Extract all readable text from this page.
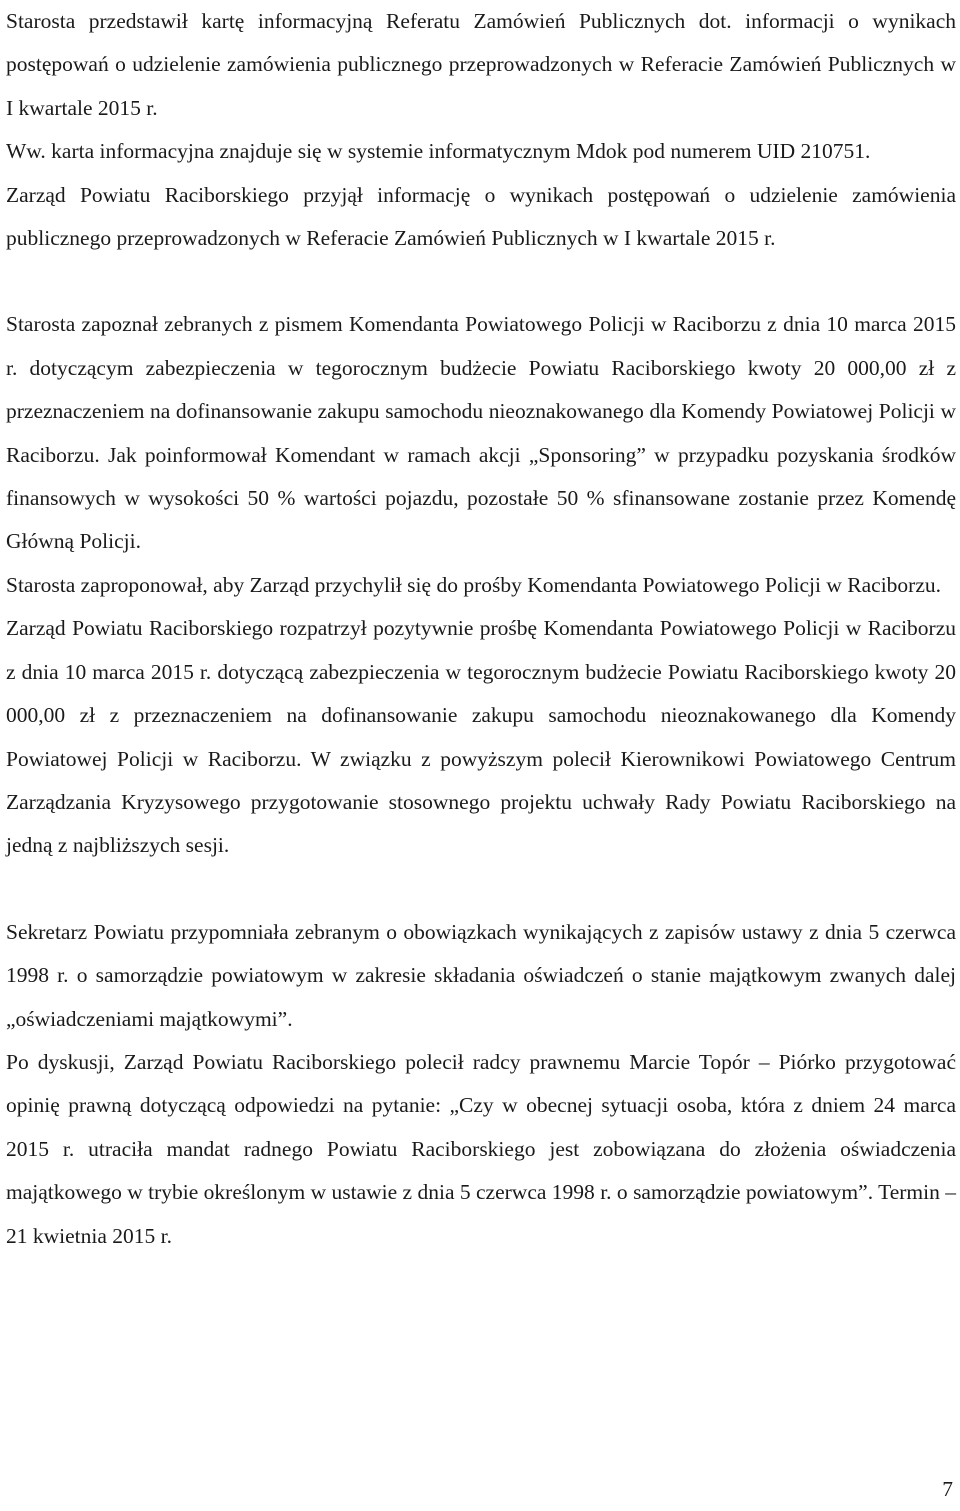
Starosta przedstawił kartę informacyjną Referatu Zamówień Publicznych dot. informacji o wynikach postępowań o udzielenie zamówienia publicznego przeprowadzonych w Referacie Zamówień Publicznych w I kwartale 2015 r.

Ww. karta informacyjna znajduje się w systemie informatycznym Mdok pod numerem UID 210751.

Zarząd Powiatu Raciborskiego przyjął informację o wynikach postępowań o udzielenie zamówienia publicznego przeprowadzonych w Referacie Zamówień Publicznych w I kwartale 2015 r.

Starosta zapoznał zebranych z pismem Komendanta Powiatowego Policji w Raciborzu z dnia 10 marca 2015 r. dotyczącym zabezpieczenia w tegorocznym budżecie Powiatu Raciborskiego kwoty 20 000,00 zł z przeznaczeniem na dofinansowanie zakupu samochodu nieoznakowanego dla Komendy Powiatowej Policji w Raciborzu. Jak poinformował Komendant w ramach akcji „Sponsoring” w przypadku pozyskania środków finansowych w wysokości 50 % wartości pojazdu, pozostałe 50 % sfinansowane zostanie przez Komendę Główną Policji.

Starosta zaproponował, aby Zarząd przychylił się do prośby Komendanta Powiatowego Policji w Raciborzu.

Zarząd Powiatu Raciborskiego rozpatrzył pozytywnie prośbę Komendanta Powiatowego Policji w Raciborzu z dnia 10 marca 2015 r. dotyczącą zabezpieczenia w tegorocznym budżecie Powiatu Raciborskiego kwoty 20 000,00 zł z przeznaczeniem na dofinansowanie zakupu samochodu nieoznakowanego dla Komendy Powiatowej Policji w Raciborzu. W związku z powyższym polecił Kierownikowi Powiatowego Centrum Zarządzania Kryzysowego przygotowanie stosownego projektu uchwały Rady Powiatu Raciborskiego na jedną z najbliższych sesji.

Sekretarz Powiatu przypomniała zebranym o obowiązkach wynikających z zapisów ustawy z dnia 5 czerwca 1998 r. o samorządzie powiatowym w zakresie składania oświadczeń o stanie majątkowym zwanych dalej „oświadczeniami majątkowymi”.

Po dyskusji, Zarząd Powiatu Raciborskiego polecił radcy prawnemu Marcie Topór – Piórko przygotować opinię prawną dotyczącą odpowiedzi na pytanie: „Czy w obecnej sytuacji osoba, która z dniem 24 marca 2015 r. utraciła mandat radnego Powiatu Raciborskiego jest zobowiązana do złożenia oświadczenia majątkowego w trybie określonym w ustawie z dnia 5 czerwca 1998 r. o samorządzie powiatowym”. Termin – 21 kwietnia 2015 r.

7
